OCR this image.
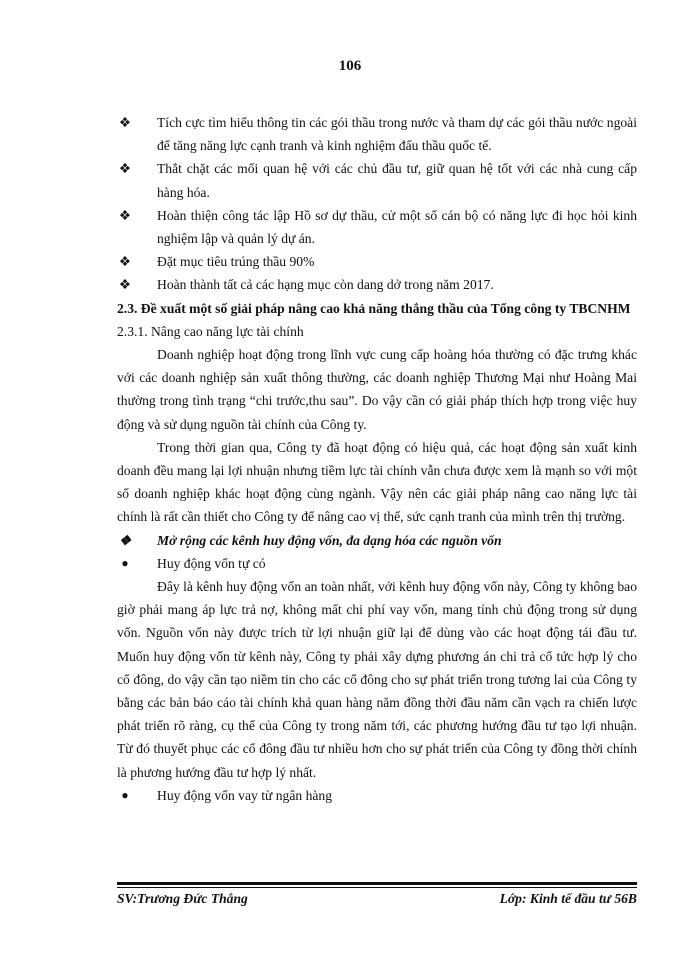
106
❖ Tích cực tìm hiểu thông tin các gói thầu trong nước và tham dự các gói thầu nước ngoài để tăng năng lực cạnh tranh và kinh nghiệm đấu thầu quốc tế.
❖ Thắt chặt các mối quan hệ với các chủ đầu tư, giữ quan hệ tốt với các nhà cung cấp hàng hóa.
❖ Hoàn thiện công tác lập Hồ sơ dự thầu, cử một số cán bộ có năng lực đi học hỏi kinh nghiệm lập và quản lý dự án.
❖ Đặt mục tiêu trúng thầu 90%
❖ Hoàn thành tất cả các hạng mục còn dang dở trong năm 2017.
2.3. Đề xuất một số giải pháp nâng cao khả năng thắng thầu của Tổng công ty TBCNHM
2.3.1. Nâng cao năng lực tài chính
Doanh nghiệp hoạt động trong lĩnh vực cung cấp hoàng hóa thường có đặc trưng khác với các doanh nghiệp sản xuất thông thường, các doanh nghiệp Thương Mại như Hoàng Mai thường trong tình trạng “chi trước,thu sau”. Do vậy cần có giải pháp thích hợp trong việc huy động và sử dụng nguồn tài chính của Công ty.
Trong thời gian qua, Công ty đã hoạt động có hiệu quả, các hoạt động sản xuất kinh doanh đều mang lại lợi nhuận nhưng tiềm lực tài chính vẫn chưa được xem là mạnh so với một số doanh nghiệp khác hoạt động cùng ngành. Vậy nên các giải pháp nâng cao năng lực tài chính là rất cần thiết cho Công ty để nâng cao vị thế, sức cạnh tranh của mình trên thị trường.
❖ Mở rộng các kênh huy động vốn, đa dạng hóa các nguồn vốn
●	Huy động vốn tự có
Đây là kênh huy động vốn an toàn nhất, với kênh huy động vốn này, Công ty không bao giờ phải mang áp lực trả nợ, không mất chi phí vay vốn, mang tính chủ động trong sử dụng vốn. Nguồn vốn này được trích từ lợi nhuận giữ lại để dùng vào các hoạt động tái đầu tư. Muốn huy động vốn từ kênh này, Công ty phải xây dựng phương án chi trả cổ tức hợp lý cho cổ đông, do vậy cần tạo niềm tin cho các cổ đông cho sự phát triển trong tương lai của Công ty bằng các bản báo cáo tài chính khả quan hàng năm đồng thời đầu năm cần vạch ra chiến lược phát triển rõ ràng, cụ thể của Công ty trong năm tới, các phương hướng đầu tư tạo lợi nhuận. Từ đó thuyết phục các cổ đông đầu tư nhiều hơn cho sự phát triển của Công ty đồng thời chính là phương hướng đầu tư hợp lý nhất.
●	Huy động vốn vay từ ngân hàng
SV:Trương Đức Thắng	Lớp: Kinh tế đầu tư 56B
